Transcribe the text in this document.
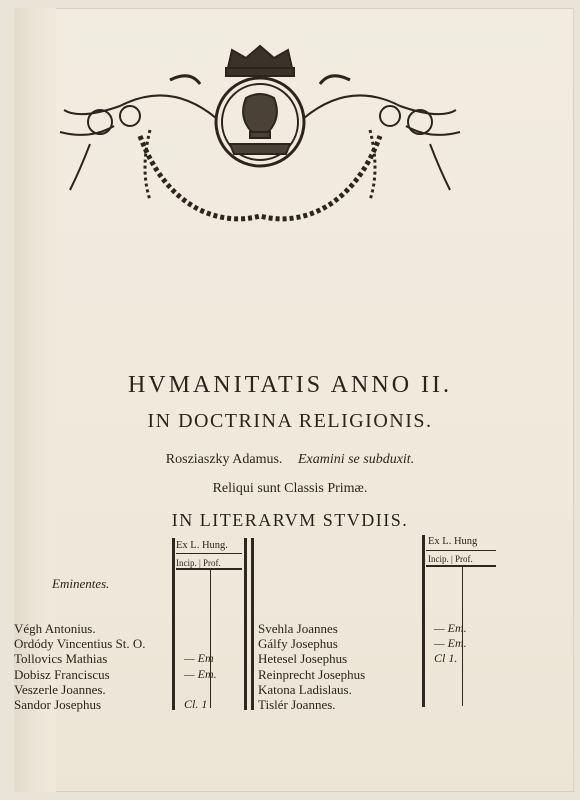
HVMANITATIS ANNO II.
IN DOCTRINA RELIGIONIS.
Rosziaszky Adamus. Examini se subduxit.
Reliqui sunt Classis Primæ.
IN LITERARVM STVDIIS.
Ex L. Hung.
Incip. | Prof.
Ex L. Hung
Incip. | Prof.
Eminentes.
Végh Antonius.
Ordódy Vincentius St. O.
Tollovics Mathias
Dobisz Franciscus
Veszerle Joannes.
Sandor Josephus

— Em
— Em.

Cl. 1
Svehla Joannes
Gálfy Josephus
Hetesel Josephus
Reinprecht Josephus
Katona Ladislaus.
Tislér Joannes.
— Em.
— Em.
Cl 1.
